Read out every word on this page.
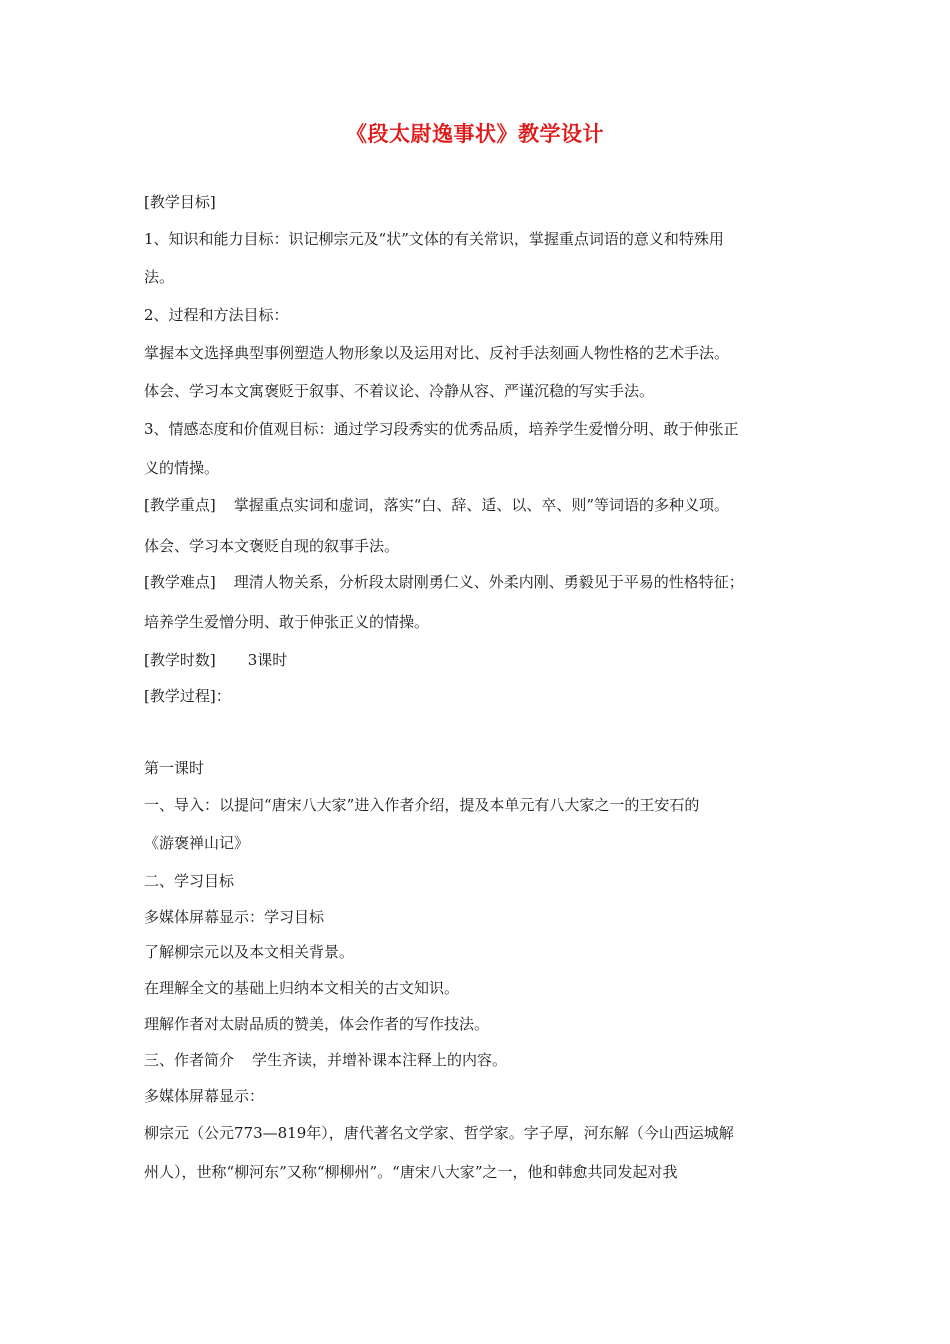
《段太尉逸事状》教学设计
[教学目标]
1、知识和能力目标：识记柳宗元及“状”文体的有关常识，掌握重点词语的意义和特殊用
法。
2、过程和方法目标：
掌握本文选择典型事例塑造人物形象以及运用对比、反衬手法刻画人物性格的艺术手法。
体会、学习本文寓褒贬于叙事、不着议论、冷静从容、严谨沉稳的写实手法。
3、情感态度和价值观目标：通过学习段秀实的优秀品质，培养学生爱憎分明、敢于伸张正
义的情操。
[教学重点] 掌握重点实词和虚词，落实“白、辞、适、以、卒、则”等词语的多种义项。
体会、学习本文褒贬自现的叙事手法。
[教学难点] 理清人物关系，分析段太尉刚勇仁义、外柔内刚、勇毅见于平易的性格特征；
培养学生爱憎分明、敢于伸张正义的情操。
[教学时数] 3课时
[教学过程]：
第一课时
一、导入：以提问“唐宋八大家”进入作者介绍，提及本单元有八大家之一的王安石的
《游褒禅山记》
二、学习目标
多媒体屏幕显示：学习目标
了解柳宗元以及本文相关背景。
在理解全文的基础上归纳本文相关的古文知识。
理解作者对太尉品质的赞美，体会作者的写作技法。
三、作者简介 学生齐读，并增补课本注释上的内容。
多媒体屏幕显示：
柳宗元（公元773—819年），唐代著名文学家、哲学家。字子厚，河东解（今山西运城解
州人），世称“柳河东”又称“柳柳州”。“唐宋八大家”之一，他和韩愈共同发起对我
